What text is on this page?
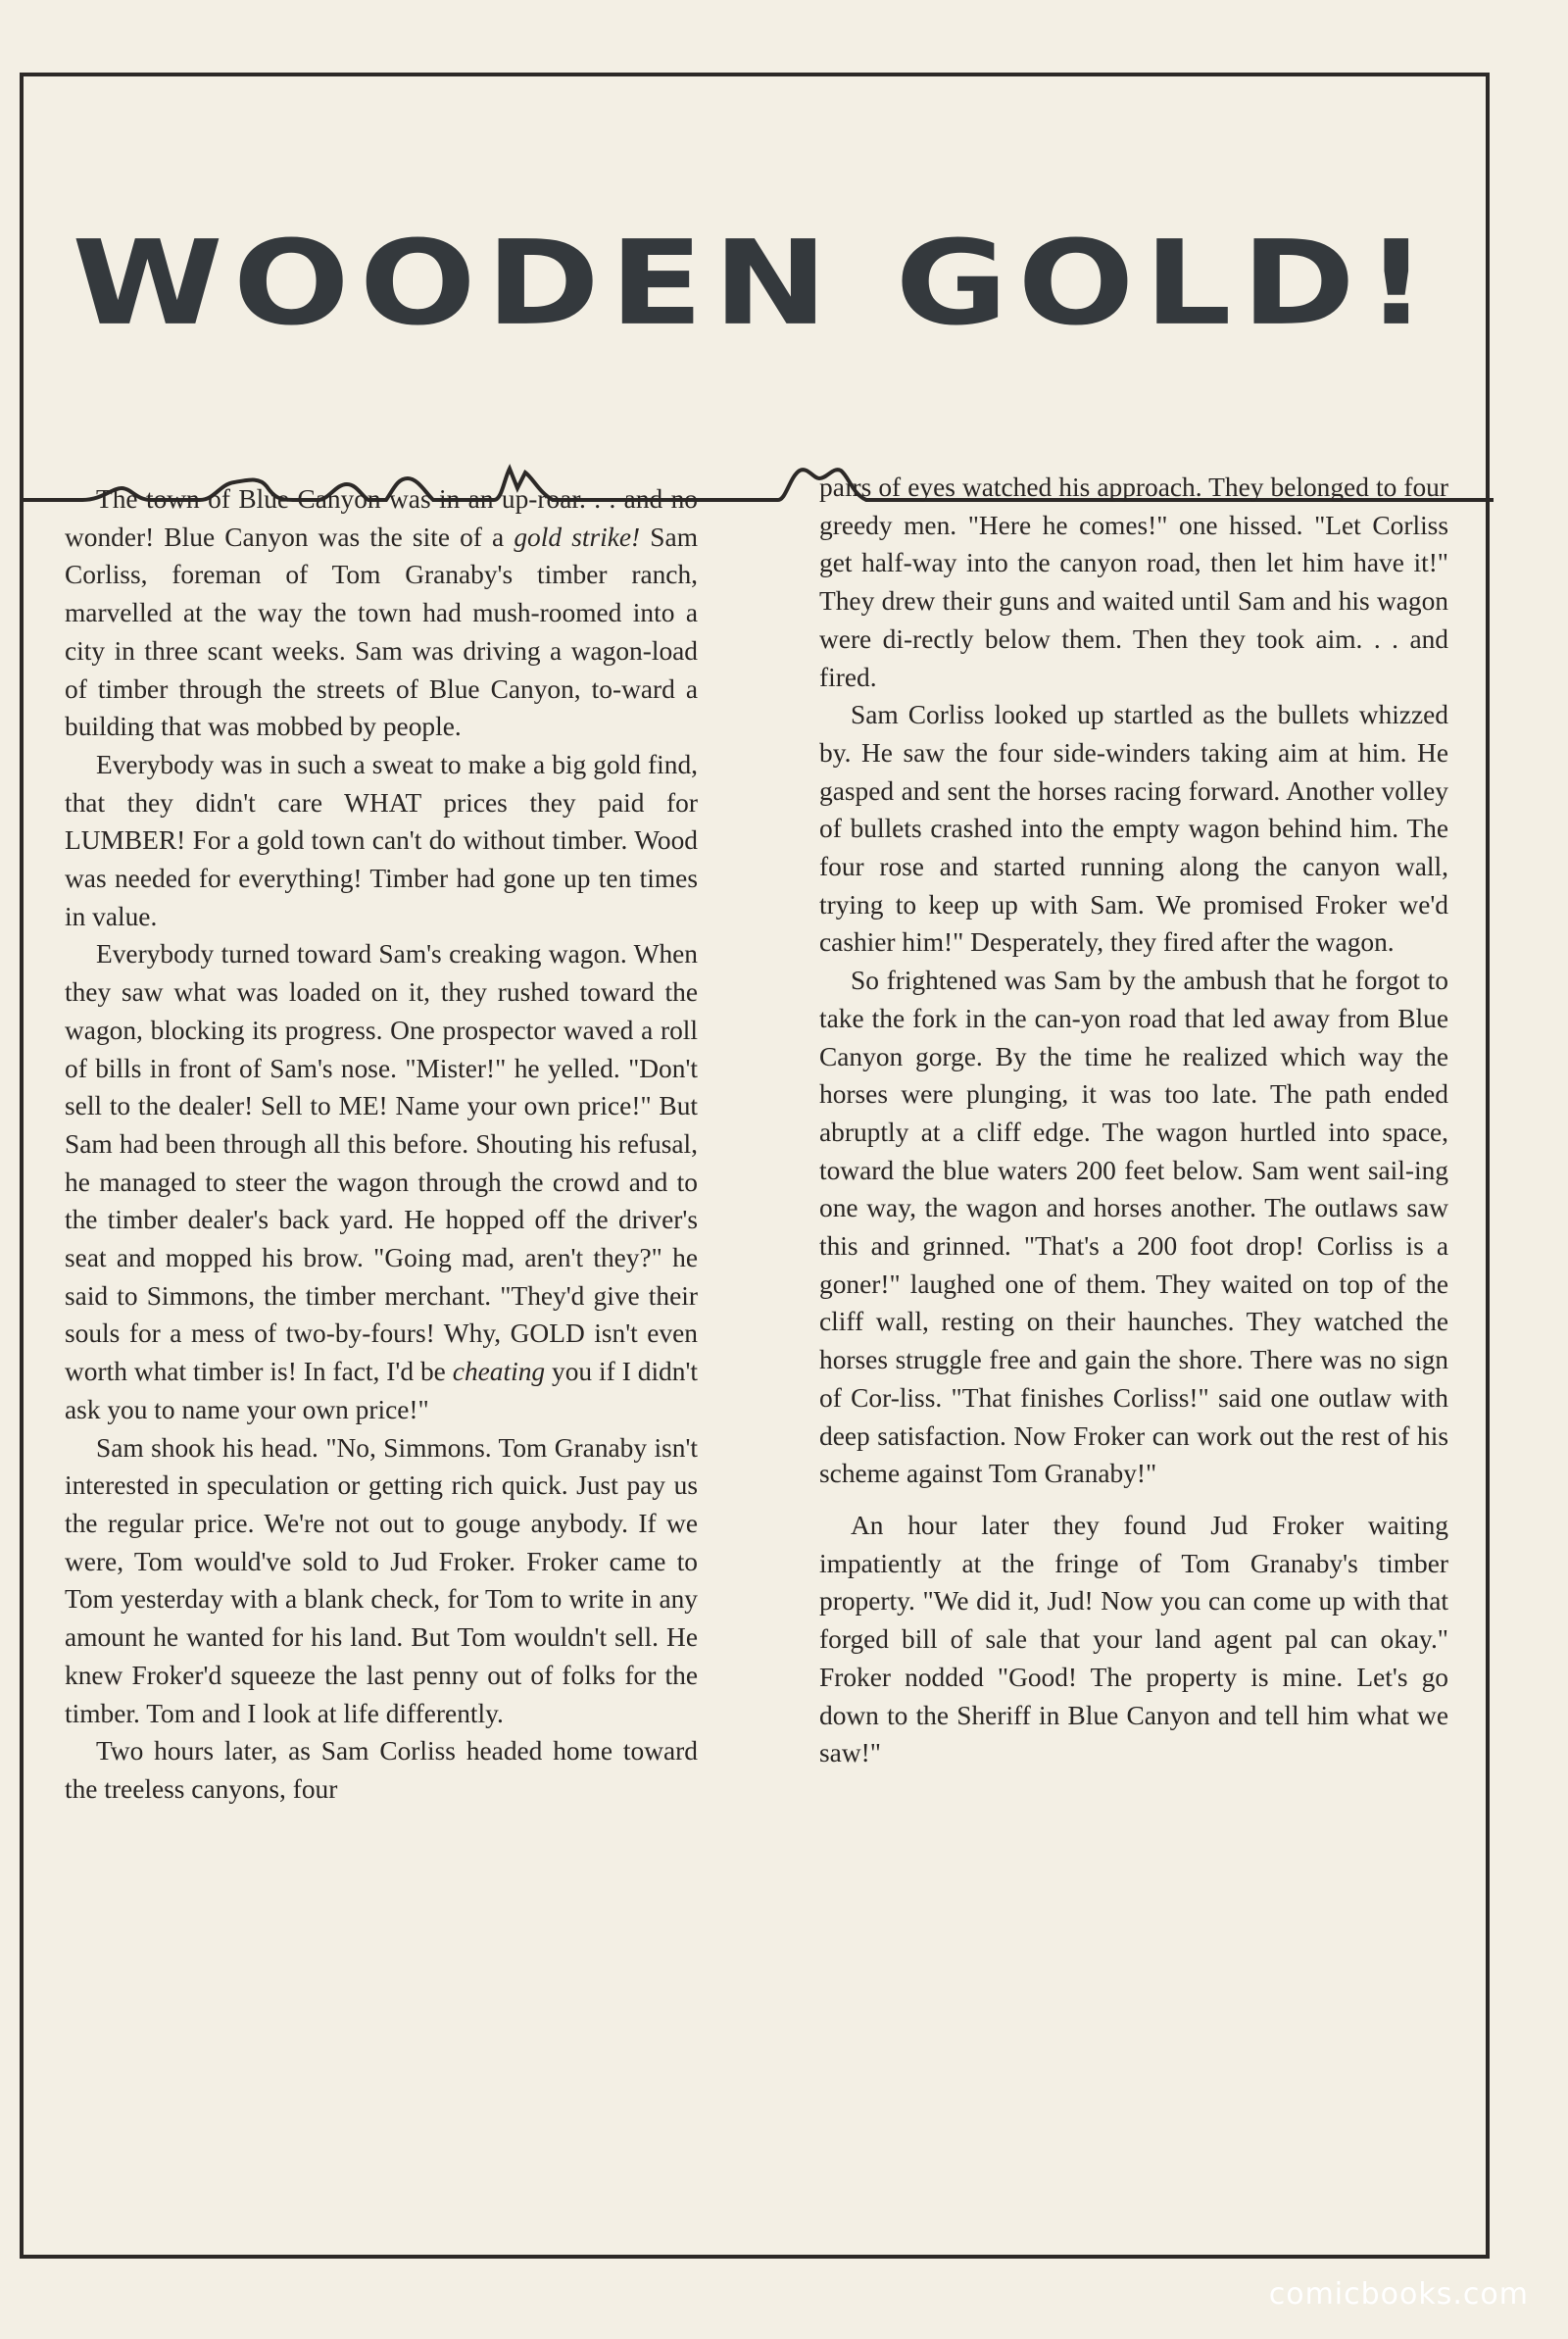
WOODEN GOLD!

The town of Blue Canyon was in an up-roar. . . and no wonder! Blue Canyon was the site of a gold strike! Sam Corliss, foreman of Tom Granaby's timber ranch, marvelled at the way the town had mush-roomed into a city in three scant weeks. Sam was driving a wagon-load of timber through the streets of Blue Canyon, to-ward a building that was mobbed by people.

Everybody was in such a sweat to make a big gold find, that they didn't care WHAT prices they paid for LUMBER! For a gold town can't do without timber. Wood was needed for everything! Timber had gone up ten times in value.

Everybody turned toward Sam's creaking wagon. When they saw what was loaded on it, they rushed toward the wagon, blocking its progress. One prospector waved a roll of bills in front of Sam's nose. "Mister!" he yelled. "Don't sell to the dealer! Sell to ME! Name your own price!" But Sam had been through all this before. Shouting his refusal, he managed to steer the wagon through the crowd and to the timber dealer's back yard. He hopped off the driver's seat and mopped his brow. "Going mad, aren't they?" he said to Simmons, the timber merchant. "They'd give their souls for a mess of two-by-fours! Why, GOLD isn't even worth what timber is! In fact, I'd be cheating you if I didn't ask you to name your own price!"

Sam shook his head. "No, Simmons. Tom Granaby isn't interested in speculation or getting rich quick. Just pay us the regular price. We're not out to gouge anybody. If we were, Tom would've sold to Jud Froker. Froker came to Tom yesterday with a blank check, for Tom to write in any amount he wanted for his land. But Tom wouldn't sell. He knew Froker'd squeeze the last penny out of folks for the timber. Tom and I look at life differently.

Two hours later, as Sam Corliss headed home toward the treeless canyons, four

pairs of eyes watched his approach. They belonged to four greedy men. "Here he comes!" one hissed. "Let Corliss get half-way into the canyon road, then let him have it!" They drew their guns and waited until Sam and his wagon were di-rectly below them. Then they took aim. . . and fired.

Sam Corliss looked up startled as the bullets whizzed by. He saw the four side-winders taking aim at him. He gasped and sent the horses racing forward. Another volley of bullets crashed into the empty wagon behind him. The four rose and started running along the canyon wall, trying to keep up with Sam. We promised Froker we'd cashier him!" Desperately, they fired after the wagon.

So frightened was Sam by the ambush that he forgot to take the fork in the can-yon road that led away from Blue Canyon gorge. By the time he realized which way the horses were plunging, it was too late. The path ended abruptly at a cliff edge. The wagon hurtled into space, toward the blue waters 200 feet below. Sam went sail-ing one way, the wagon and horses another. The outlaws saw this and grinned. "That's a 200 foot drop! Corliss is a goner!" laughed one of them. They waited on top of the cliff wall, resting on their haunches. They watched the horses struggle free and gain the shore. There was no sign of Cor-liss. "That finishes Corliss!" said one outlaw with deep satisfaction. Now Froker can work out the rest of his scheme against Tom Granaby!"

An hour later they found Jud Froker waiting impatiently at the fringe of Tom Granaby's timber property. "We did it, Jud! Now you can come up with that forged bill of sale that your land agent pal can okay." Froker nodded "Good! The property is mine. Let's go down to the Sheriff in Blue Canyon and tell him what we saw!"

comicbooks.com
